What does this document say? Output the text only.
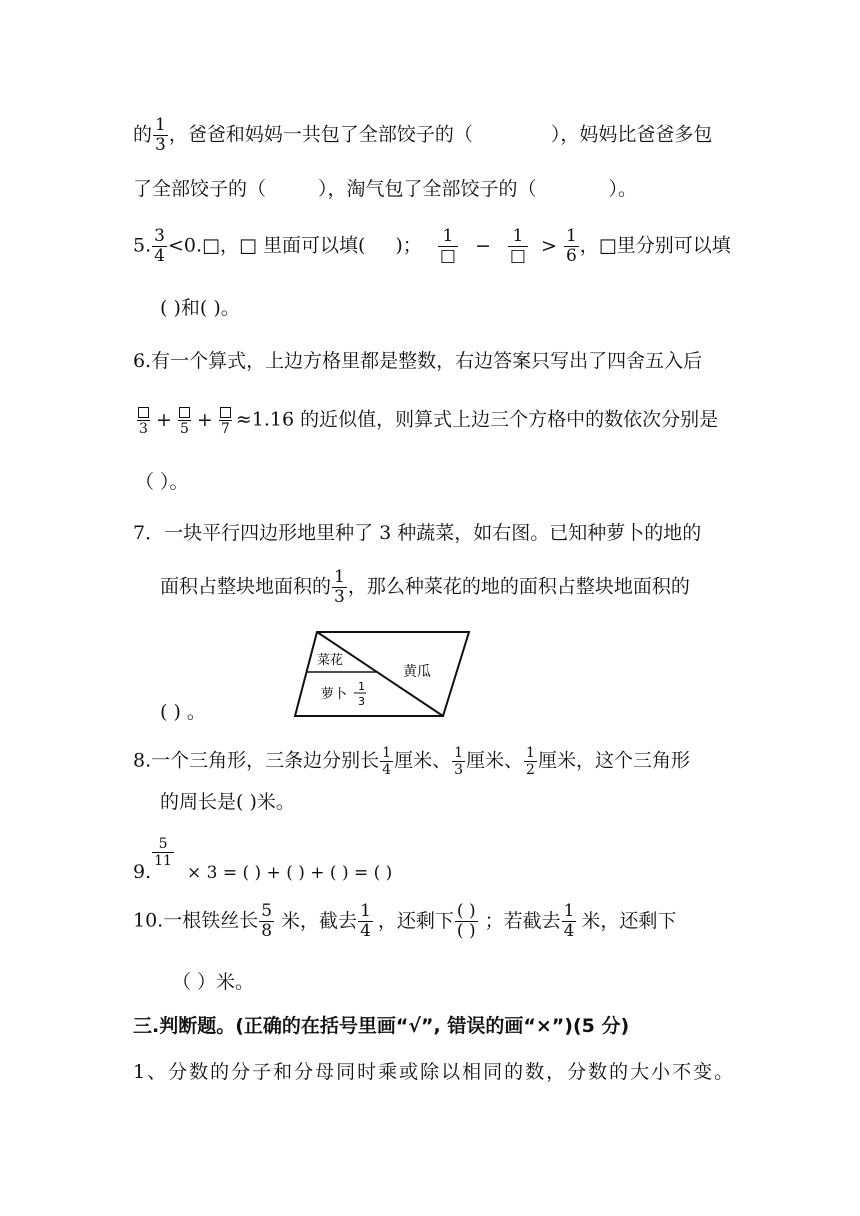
的 $\frac{1}{3}$ ，爸爸和妈妈一共包了全部饺子的（	），妈妈比爸爸多包
了全部饺子的（	），淘气包了全部饺子的（	）。
5. $\frac{3}{4}$ <0.□，□ 里面可以填( )； $\frac{1}{□} - \frac{1}{□} > \frac{1}{6}$ ，□里分别可以填
( )和( )。
6.有一个算式，上边方格里都是整数，右边答案只写出了四舍五入后
3 + 5 + 7 ≈1.16 的近似值，则算式上边三个方格中的数依次分别是
（ ）。
7．一块平行四边形地里种了 3 种蔬菜，如右图。已知种萝卜的地的
面积占整块地面积的 $\frac{1}{3}$ ，那么种菜花的地的面积占整块地面积的
菜花
黄瓜
萝卜
1
3
( ) 。
8.一个三角形，三条边分别长 $\frac{1}{4}$ 厘米、 $\frac{1}{3}$ 厘米、 $\frac{1}{2}$ 厘米，这个三角形
的周长是( )米。
9.
$\frac{5}{11}$
× 3 = ( ) + ( ) + ( ) = ( )
10.一根铁丝长 $\frac{5}{8}$ 米，截去 $\frac{1}{4}$ ，还剩下 $\frac{( )}{( )}$ ；若截去 $\frac{1}{4}$ 米，还剩下
（ ）米。
三.判断题。(正确的在括号里画“√”, 错误的画“×”)(5 分)
1、分数的分子和分母同时乘或除以相同的数，分数的大小不变。
